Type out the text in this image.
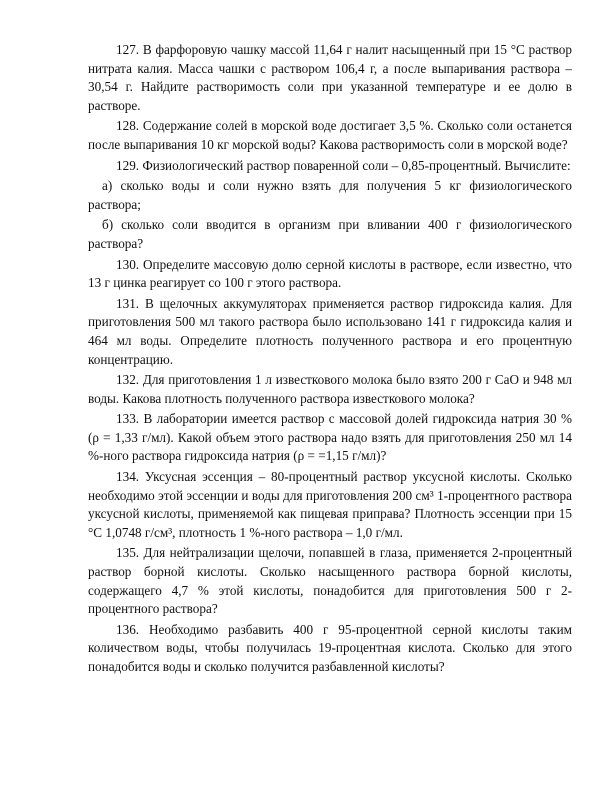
127. В фарфоровую чашку массой 11,64 г налит насыщенный при 15 °С раствор нитрата калия. Масса чашки с раствором 106,4 г, а после выпаривания раствора – 30,54 г. Найдите растворимость соли при указанной температуре и ее долю в растворе.

128. Содержание солей в морской воде достигает 3,5 %. Сколько соли останется после выпаривания 10 кг морской воды? Какова растворимость соли в морской воде?

129. Физиологический раствор поваренной соли – 0,85-процентный. Вычислите:

а) сколько воды и соли нужно взять для получения 5 кг физиологического раствора;

б) сколько соли вводится в организм при вливании 400 г физиологического раствора?

130. Определите массовую долю серной кислоты в растворе, если известно, что 13 г цинка реагирует со 100 г этого раствора.

131. В щелочных аккумуляторах применяется раствор гидроксида калия. Для приготовления 500 мл такого раствора было использовано 141 г гидроксида калия и 464 мл воды. Определите плотность полученного раствора и его процентную концентрацию.

132. Для приготовления 1 л известкового молока было взято 200 г CaO и 948 мл воды. Какова плотность полученного раствора известкового молока?

133. В лаборатории имеется раствор с массовой долей гидроксида натрия 30 % (ρ = 1,33 г/мл). Какой объем этого раствора надо взять для приготовления 250 мл 14 %-ного раствора гидроксида натрия (ρ = =1,15 г/мл)?

134. Уксусная эссенция – 80-процентный раствор уксусной кислоты. Сколько необходимо этой эссенции и воды для приготовления 200 см³ 1-процентного раствора уксусной кислоты, применяемой как пищевая приправа? Плотность эссенции при 15 °С 1,0748 г/см³, плотность 1 %-ного раствора – 1,0 г/мл.

135. Для нейтрализации щелочи, попавшей в глаза, применяется 2-процентный раствор борной кислоты. Сколько насыщенного раствора борной кислоты, содержащего 4,7 % этой кислоты, понадобится для приготовления 500 г 2-процентного раствора?

136. Необходимо разбавить 400 г 95-процентной серной кислоты таким количеством воды, чтобы получилась 19-процентная кислота. Сколько для этого понадобится воды и сколько получится разбавленной кислоты?
